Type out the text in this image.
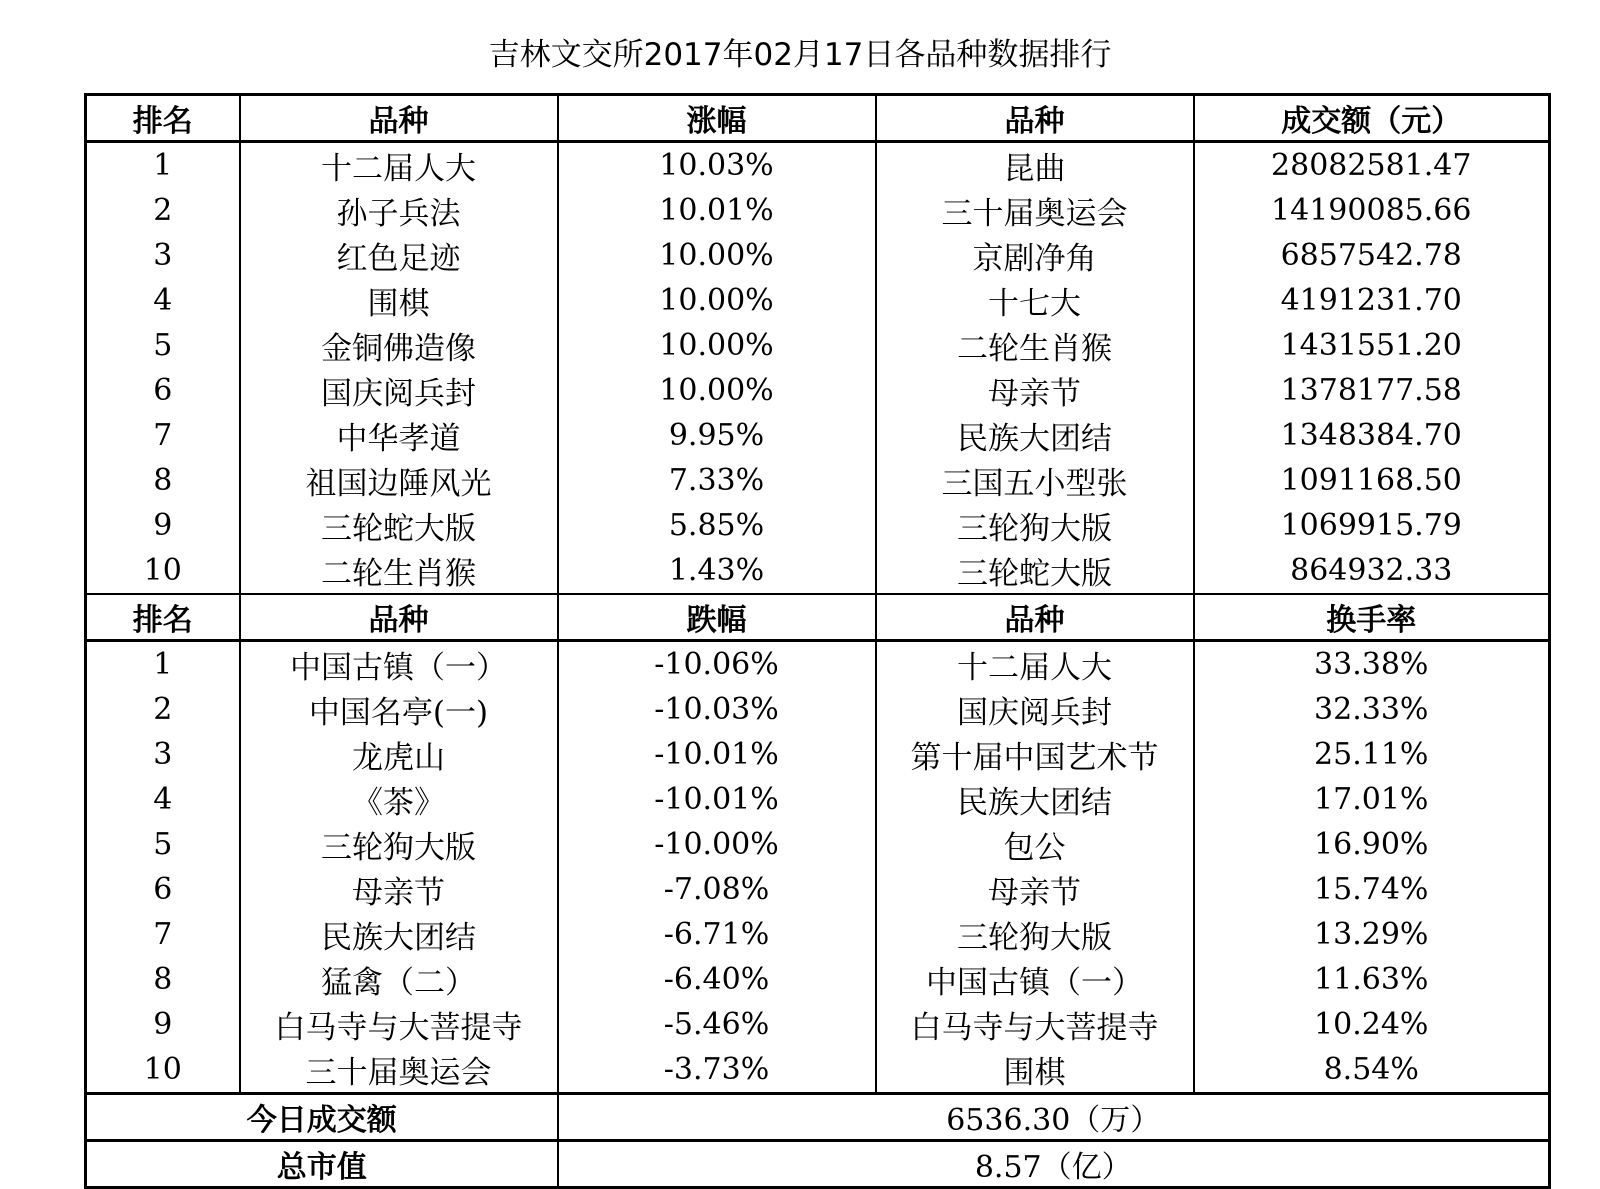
吉林文交所2017年02月17日各品种数据排行
排名	品种	涨幅	品种	成交额（元）
1	十二届人大	10.03%	昆曲	28082581.47
2	孙子兵法	10.01%	三十届奥运会	14190085.66
3	红色足迹	10.00%	京剧净角	6857542.78
4	围棋	10.00%	十七大	4191231.70
5	金铜佛造像	10.00%	二轮生肖猴	1431551.20
6	国庆阅兵封	10.00%	母亲节	1378177.58
7	中华孝道	9.95%	民族大团结	1348384.70
8	祖国边陲风光	7.33%	三国五小型张	1091168.50
9	三轮蛇大版	5.85%	三轮狗大版	1069915.79
10	二轮生肖猴	1.43%	三轮蛇大版	864932.33
排名	品种	跌幅	品种	换手率
1	中国古镇（一）	-10.06%	十二届人大	33.38%
2	中国名亭(一)	-10.03%	国庆阅兵封	32.33%
3	龙虎山	-10.01%	第十届中国艺术节	25.11%
4	《茶》	-10.01%	民族大团结	17.01%
5	三轮狗大版	-10.00%	包公	16.90%
6	母亲节	-7.08%	母亲节	15.74%
7	民族大团结	-6.71%	三轮狗大版	13.29%
8	猛禽（二）	-6.40%	中国古镇（一）	11.63%
9	白马寺与大菩提寺	-5.46%	白马寺与大菩提寺	10.24%
10	三十届奥运会	-3.73%	围棋	8.54%
今日成交额		6536.30（万）		
总市值		8.57（亿）		
